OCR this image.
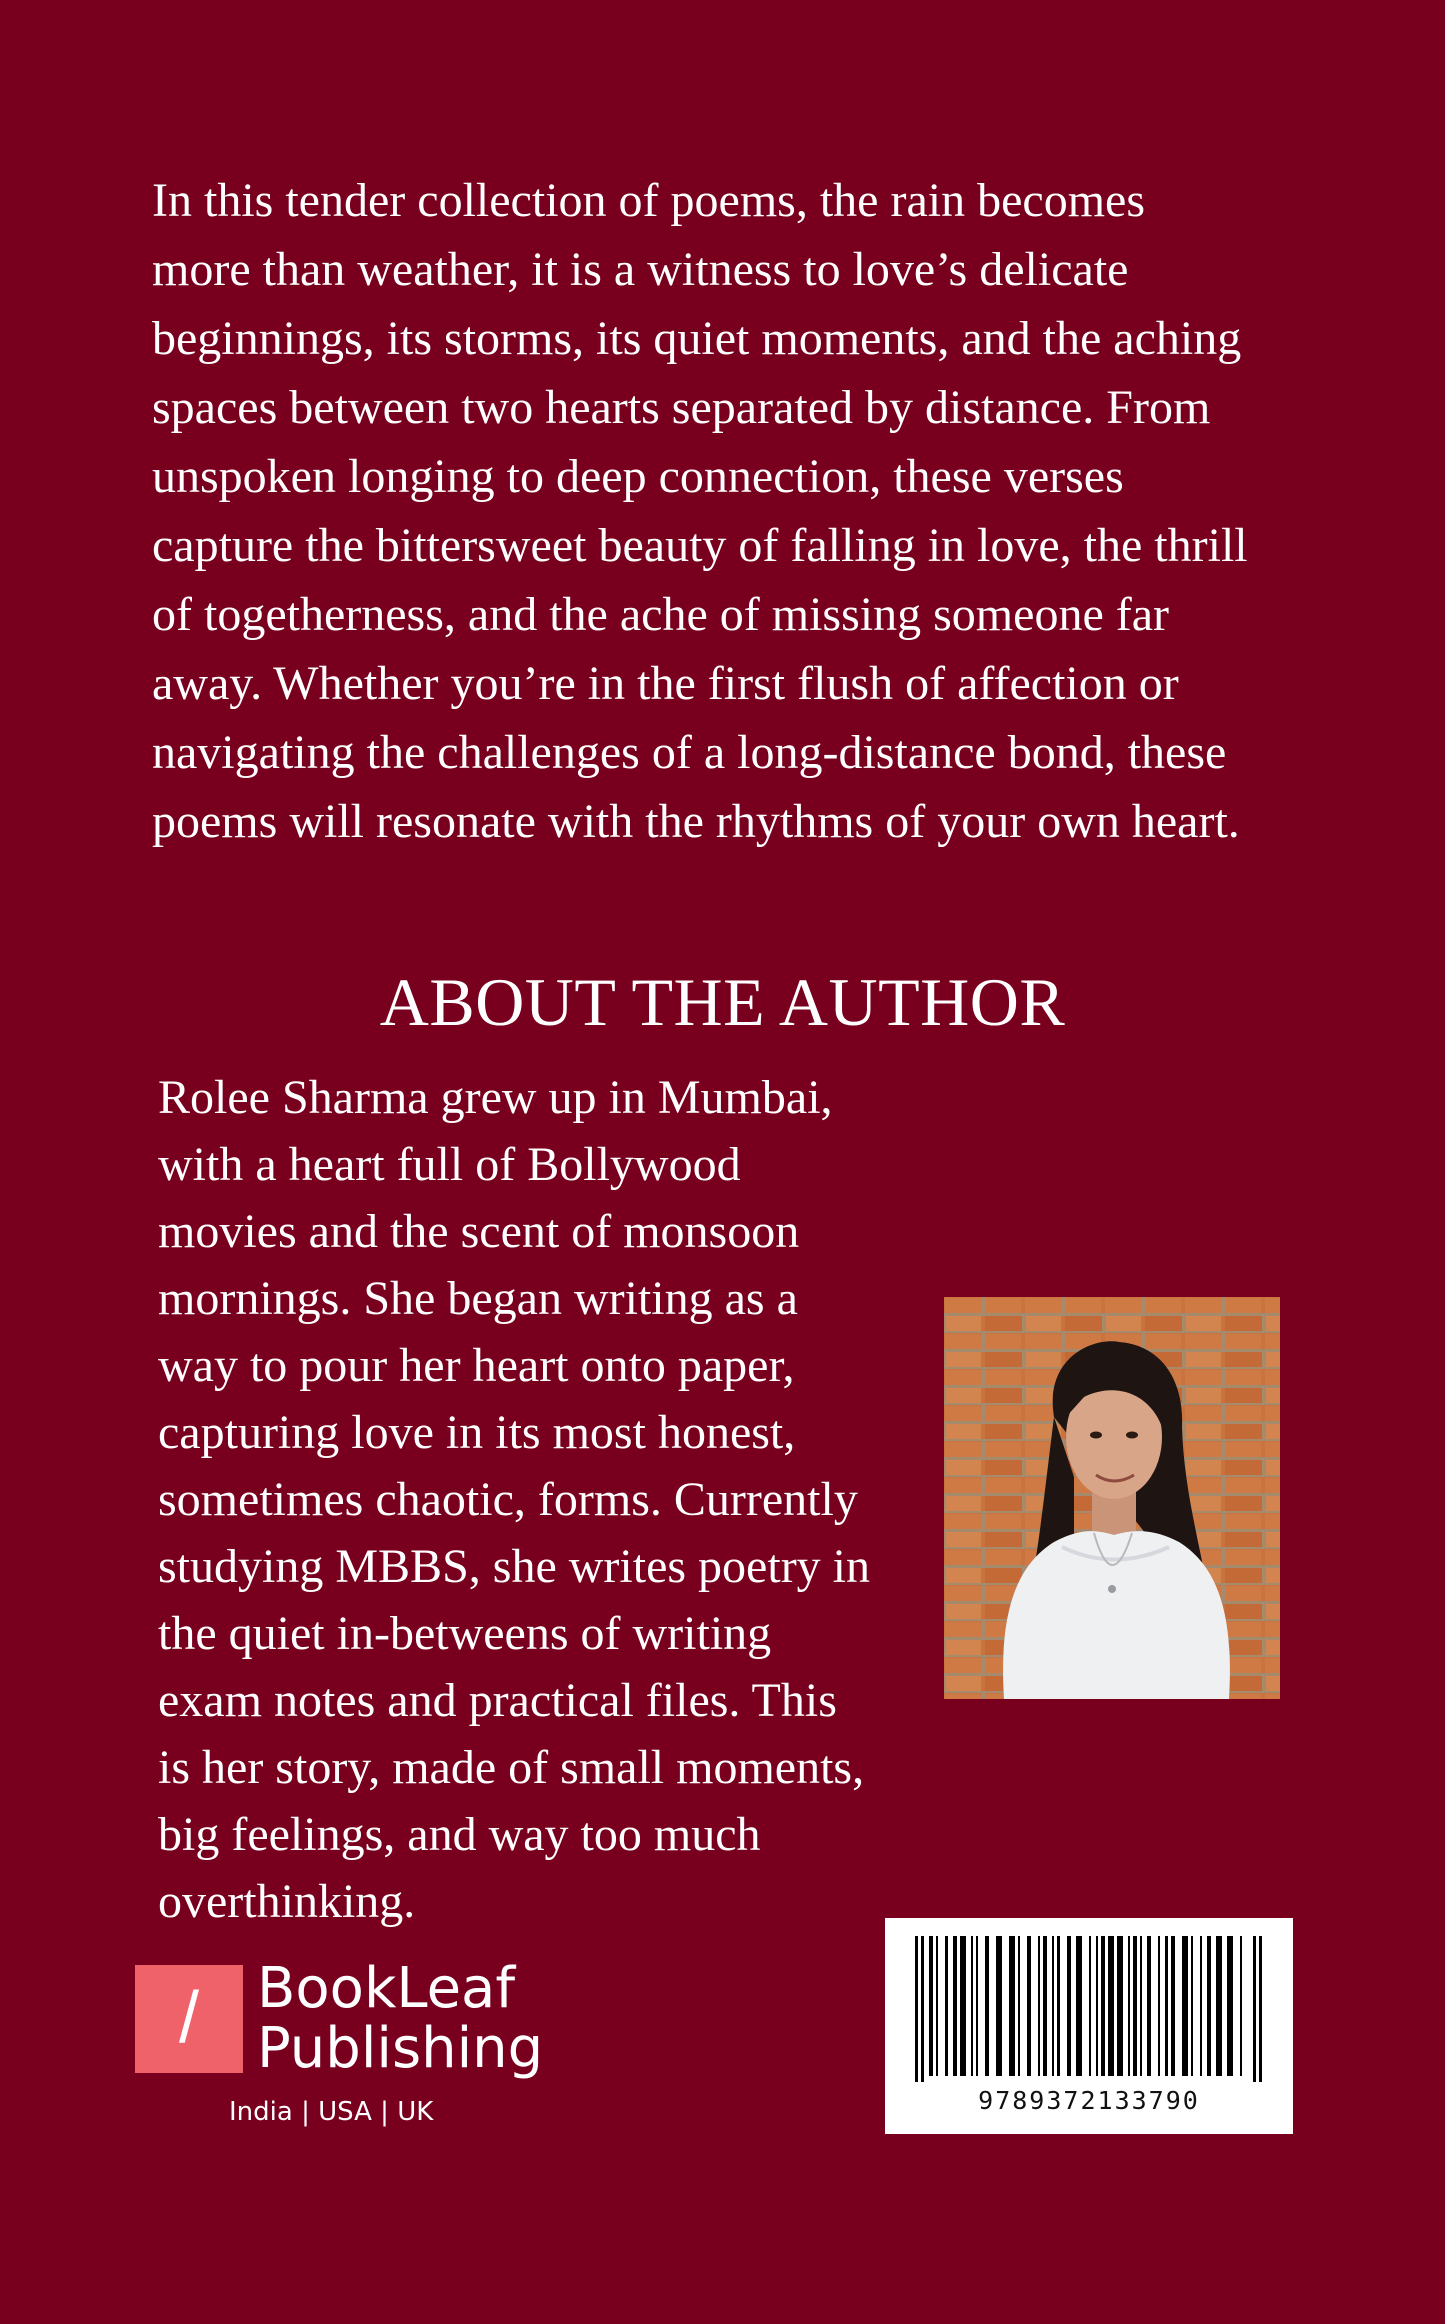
In this tender collection of poems, the rain becomes
more than weather, it is a witness to love’s delicate
beginnings, its storms, its quiet moments, and the aching
spaces between two hearts separated by distance. From
unspoken longing to deep connection, these verses
capture the bittersweet beauty of falling in love, the thrill
of togetherness, and the ache of missing someone far
away. Whether you’re in the first flush of affection or
navigating the challenges of a long-distance bond, these
poems will resonate with the rhythms of your own heart.
ABOUT THE AUTHOR
Rolee Sharma grew up in Mumbai,
with a heart full of Bollywood
movies and the scent of monsoon
mornings. She began writing as a
way to pour her heart onto paper,
capturing love in its most honest,
sometimes chaotic, forms. Currently
studying MBBS, she writes poetry in
the quiet in-betweens of writing
exam notes and practical files. This
is her story, made of small moments,
big feelings, and way too much
overthinking.
/	BookLeaf
Publishing
India | USA | UK	9789372133790
